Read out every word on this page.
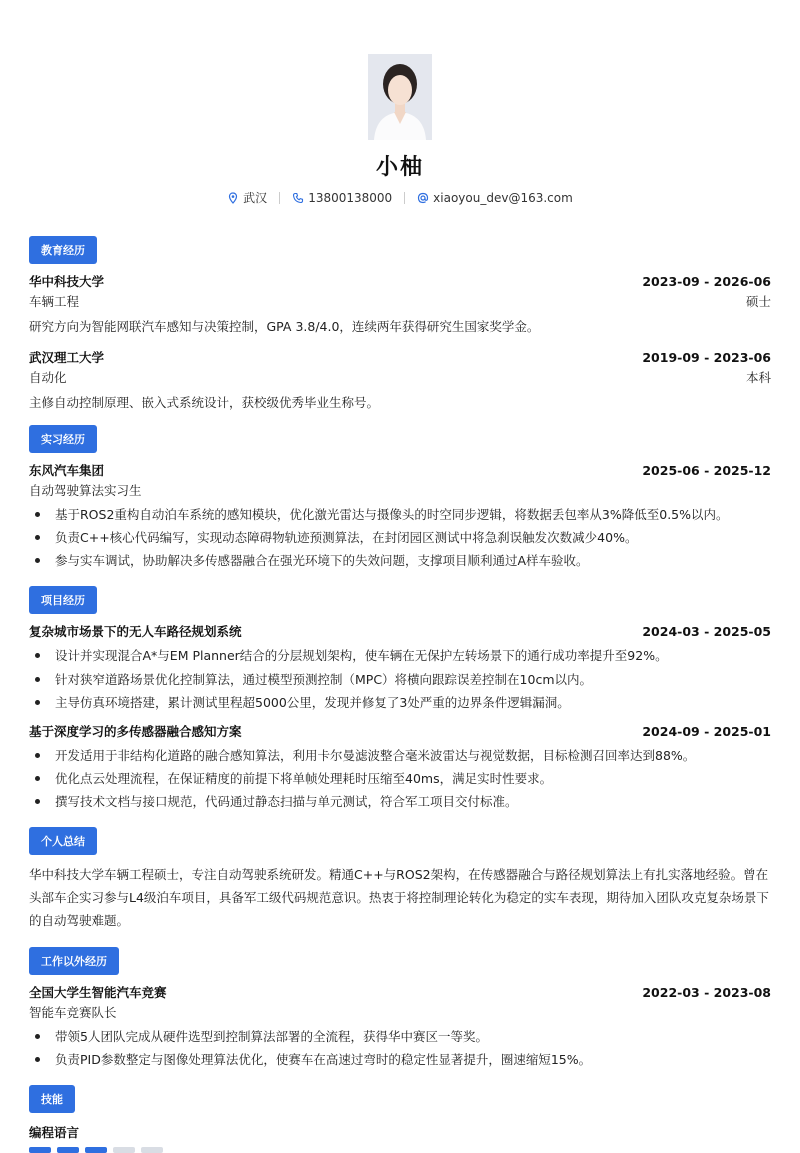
小柚
武汉	13800138000	xiaoyou_dev@163.com
教育经历
华中科技大学	2023-09 - 2026-06
车辆工程	硕士
研究方向为智能网联汽车感知与决策控制，GPA 3.8/4.0，连续两年获得研究生国家奖学金。
武汉理工大学	2019-09 - 2023-06
自动化	本科
主修自动控制原理、嵌入式系统设计，获校级优秀毕业生称号。
实习经历
东风汽车集团	2025-06 - 2025-12
自动驾驶算法实习生
基于ROS2重构自动泊车系统的感知模块，优化激光雷达与摄像头的时空同步逻辑，将数据丢包率从3%降低至0.5%以内。
负责C++核心代码编写，实现动态障碍物轨迹预测算法，在封闭园区测试中将急刹误触发次数减少40%。
参与实车调试，协助解决多传感器融合在强光环境下的失效问题，支撑项目顺利通过A样车验收。
项目经历
复杂城市场景下的无人车路径规划系统	2024-03 - 2025-05
设计并实现混合A*与EM Planner结合的分层规划架构，使车辆在无保护左转场景下的通行成功率提升至92%。
针对狭窄道路场景优化控制算法，通过模型预测控制（MPC）将横向跟踪误差控制在10cm以内。
主导仿真环境搭建，累计测试里程超5000公里，发现并修复了3处严重的边界条件逻辑漏洞。
基于深度学习的多传感器融合感知方案	2024-09 - 2025-01
开发适用于非结构化道路的融合感知算法，利用卡尔曼滤波整合毫米波雷达与视觉数据，目标检测召回率达到88%。
优化点云处理流程，在保证精度的前提下将单帧处理耗时压缩至40ms，满足实时性要求。
撰写技术文档与接口规范，代码通过静态扫描与单元测试，符合军工项目交付标准。
个人总结
华中科技大学车辆工程硕士，专注自动驾驶系统研发。精通C++与ROS2架构，在传感器融合与路径规划算法上有扎实落地经验。曾在头部车企实习参与L4级泊车项目，具备军工级代码规范意识。热衷于将控制理论转化为稳定的实车表现，期待加入团队攻克复杂场景下的自动驾驶难题。
工作以外经历
全国大学生智能汽车竞赛	2022-03 - 2023-08
智能车竞赛队长
带领5人团队完成从硬件选型到控制算法部署的全流程，获得华中赛区一等奖。
负责PID参数整定与图像处理算法优化，使赛车在高速过弯时的稳定性显著提升，圈速缩短15%。
技能
编程语言
